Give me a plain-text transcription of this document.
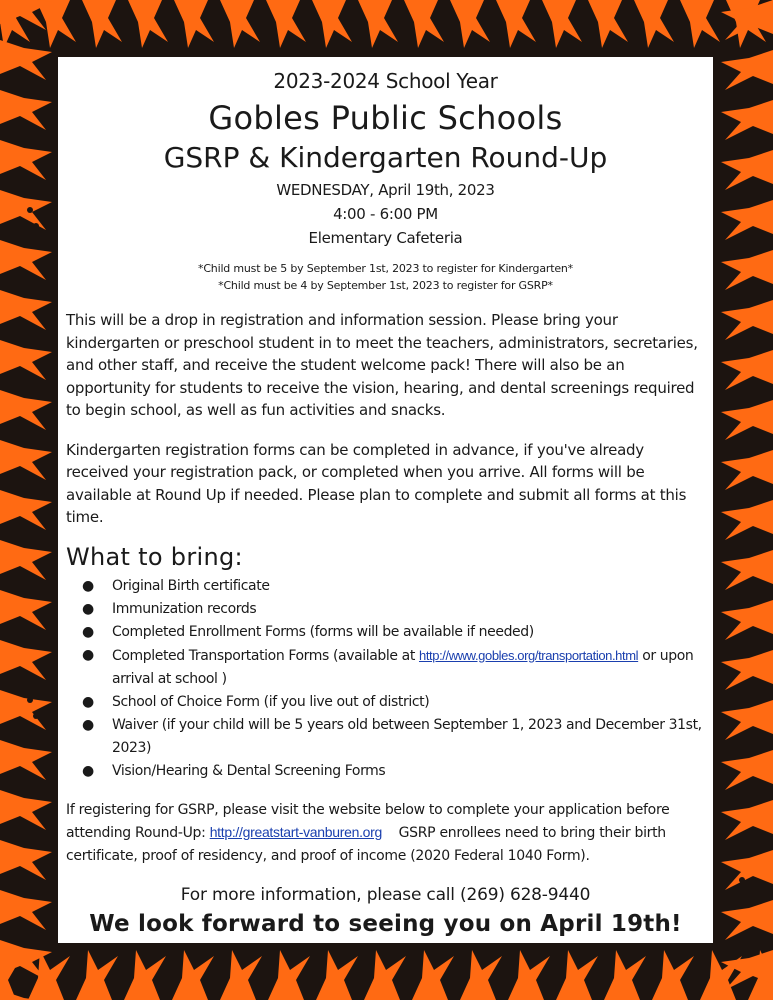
2023-2024 School Year
Gobles Public Schools
GSRP & Kindergarten Round-Up
WEDNESDAY, April 19th, 2023
4:00 - 6:00 PM
Elementary Cafeteria
*Child must be 5 by September 1st, 2023 to register for Kindergarten*
*Child must be 4 by September 1st, 2023 to register for GSRP*

This will be a drop in registration and information session. Please bring your kindergarten or preschool student in to meet the teachers, administrators, secretaries, and other staff, and receive the student welcome pack! There will also be an opportunity for students to receive the vision, hearing, and dental screenings required to begin school, as well as fun activities and snacks.

Kindergarten registration forms can be completed in advance, if you've already received your registration pack, or completed when you arrive. All forms will be available at Round Up if needed. Please plan to complete and submit all forms at this time.

What to bring:
● Original Birth certificate
● Immunization records
● Completed Enrollment Forms (forms will be available if needed)
● Completed Transportation Forms (available at http://www.gobles.org/transportation.html or upon arrival at school )
● School of Choice Form (if you live out of district)
● Waiver (if your child will be 5 years old between September 1, 2023 and December 31st, 2023)
● Vision/Hearing & Dental Screening Forms

If registering for GSRP, please visit the website below to complete your application before attending Round-Up: http://greatstart-vanburen.org    GSRP enrollees need to bring their birth certificate, proof of residency, and proof of income (2020 Federal 1040 Form).

For more information, please call (269) 628-9440
We look forward to seeing you on April 19th!
